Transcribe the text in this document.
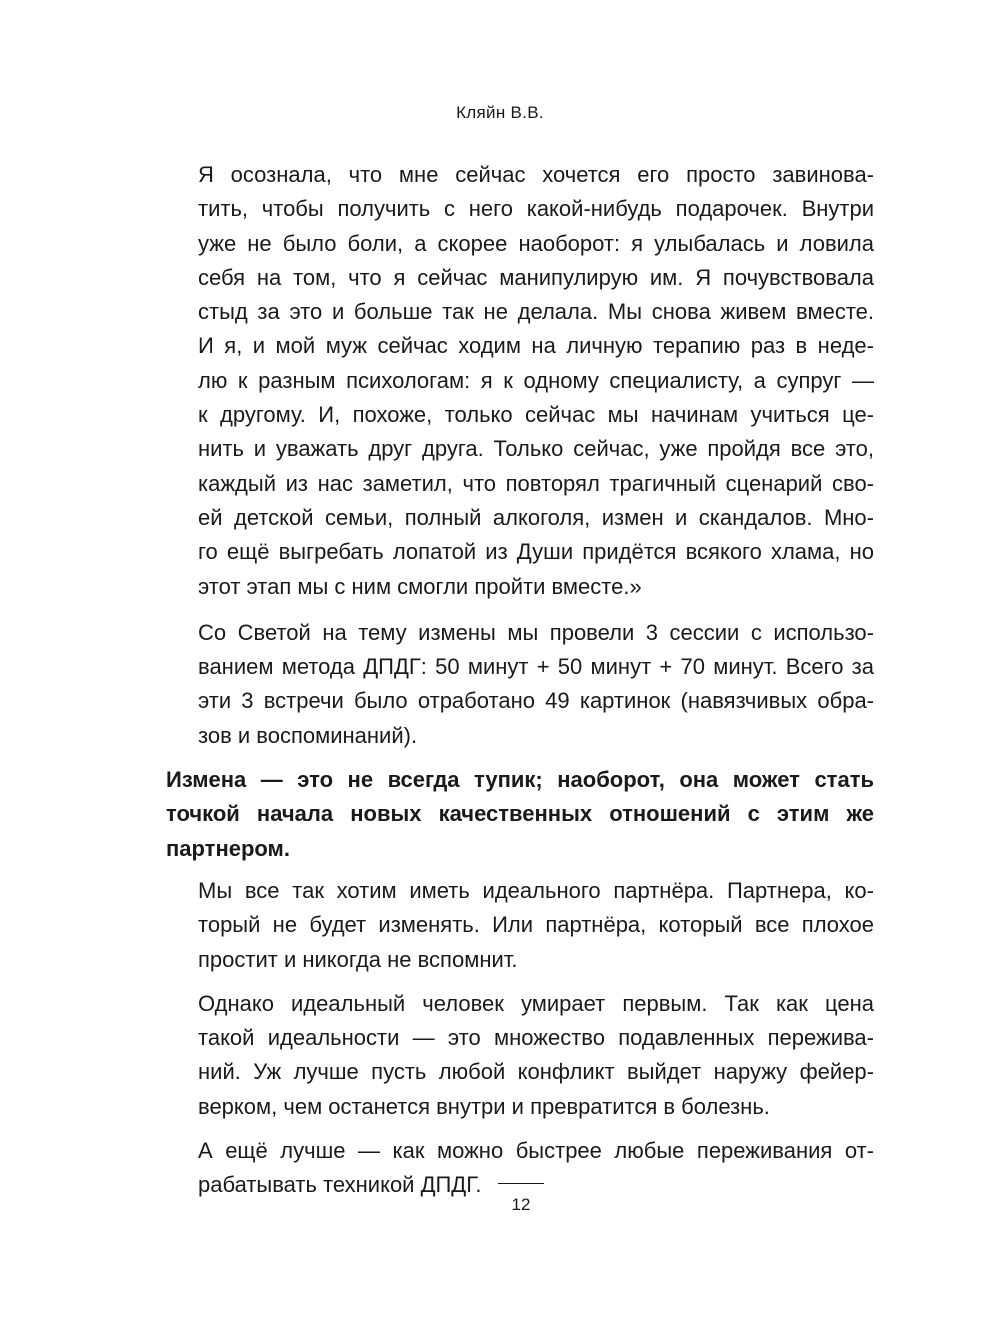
Кляйн В.В.

Я осознала, что мне сейчас хочется его просто завинова-
тить, чтобы получить с него какой-нибудь подарочек. Внутри
уже не было боли, а скорее наоборот: я улыбалась и ловила
себя на том, что я сейчас манипулирую им. Я почувствовала
стыд за это и больше так не делала. Мы снова живем вместе.
И я, и мой муж сейчас ходим на личную терапию раз в неде-
лю к разным психологам: я к одному специалисту, а супруг —
к другому. И, похоже, только сейчас мы начинам учиться це-
нить и уважать друг друга. Только сейчас, уже пройдя все это,
каждый из нас заметил, что повторял трагичный сценарий сво-
ей детской семьи, полный алкоголя, измен и скандалов. Мно-
го ещё выгребать лопатой из Души придётся всякого хлама, но
этот этап мы с ним смогли пройти вместе.»

Со Светой на тему измены мы провели 3 сессии с использо-
ванием метода ДПДГ: 50 минут + 50 минут + 70 минут. Всего за
эти 3 встречи было отработано 49 картинок (навязчивых обра-
зов и воспоминаний).

Измена — это не всегда тупик; наоборот, она может стать
точкой начала новых качественных отношений с этим же
партнером.

Мы все так хотим иметь идеального партнёра. Партнера, ко-
торый не будет изменять. Или партнёра, который все плохое
простит и никогда не вспомнит.

Однако идеальный человек умирает первым. Так как цена
такой идеальности — это множество подавленных пережива-
ний. Уж лучше пусть любой конфликт выйдет наружу фейер-
верком, чем останется внутри и превратится в болезнь.

А ещё лучше — как можно быстрее любые переживания от-
рабатывать техникой ДПДГ.

12
